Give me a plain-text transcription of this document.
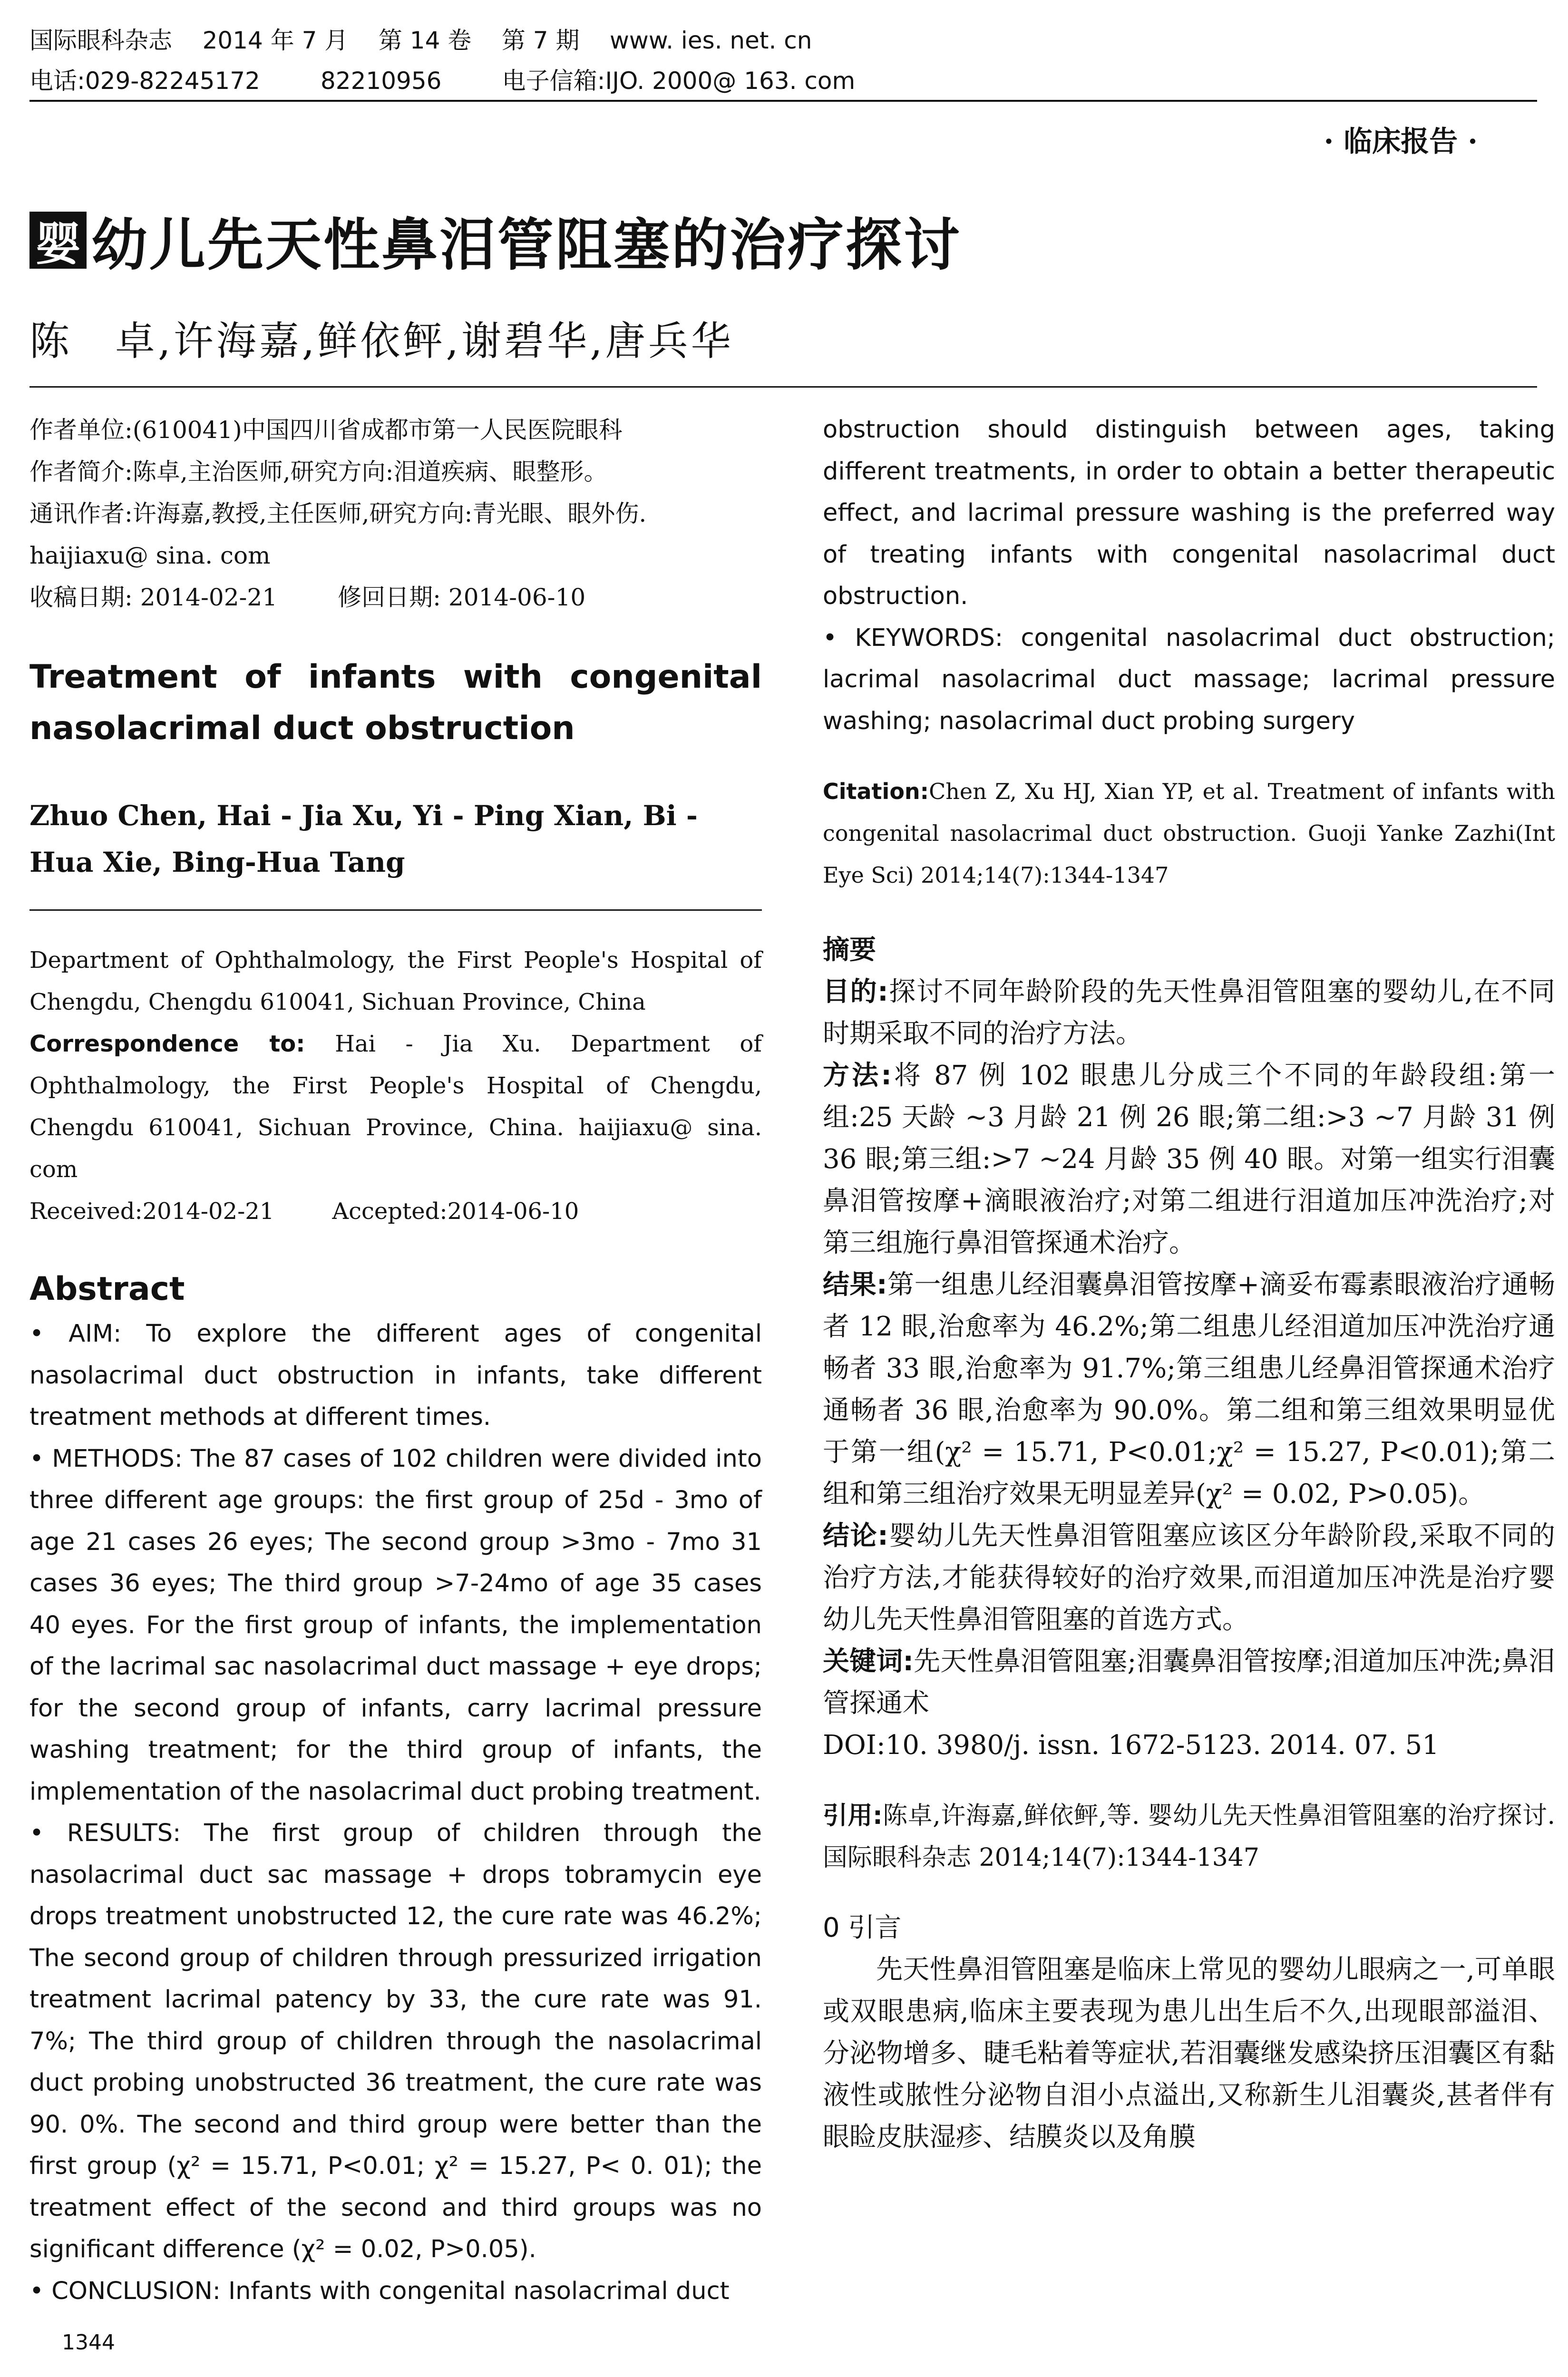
国际眼科杂志    2014 年 7 月    第 14 卷    第 7 期    www. ies. net. cn
电话:029-82245172        82210956        电子信箱:IJO. 2000@ 163. com
· 临床报告 ·
婴 幼儿先天性鼻泪管阻塞的治疗探讨
陈　卓,许海嘉,鲜依鲆,谢碧华,唐兵华

作者单位:(610041)中国四川省成都市第一人民医院眼科

作者简介:陈卓,主治医师,研究方向:泪道疾病、眼整形。

通讯作者:许海嘉,教授,主任医师,研究方向:青光眼、眼外伤.

haijiaxu@ sina. com

收稿日期: 2014-02-21        修回日期: 2014-06-10

Treatment of infants with congenital nasolacrimal duct obstruction
Zhuo Chen, Hai - Jia Xu, Yi - Ping Xian, Bi - Hua Xie, Bing-Hua Tang

Department of Ophthalmology, the First People's Hospital of Chengdu, Chengdu 610041, Sichuan Province, China

Correspondence to: Hai - Jia Xu. Department of Ophthalmology, the First People's Hospital of Chengdu, Chengdu 610041, Sichuan Province, China. haijiaxu@ sina. com

Received:2014-02-21        Accepted:2014-06-10

Abstract

• AIM: To explore the different ages of congenital nasolacrimal duct obstruction in infants, take different treatment methods at different times.

• METHODS: The 87 cases of 102 children were divided into three different age groups: the first group of 25d - 3mo of age 21 cases 26 eyes; The second group >3mo - 7mo 31 cases 36 eyes; The third group >7-24mo of age 35 cases 40 eyes. For the first group of infants, the implementation of the lacrimal sac nasolacrimal duct massage + eye drops; for the second group of infants, carry lacrimal pressure washing treatment; for the third group of infants, the implementation of the nasolacrimal duct probing treatment.

• RESULTS: The first group of children through the nasolacrimal duct sac massage + drops tobramycin eye drops treatment unobstructed 12, the cure rate was 46.2%; The second group of children through pressurized irrigation treatment lacrimal patency by 33, the cure rate was 91. 7%; The third group of children through the nasolacrimal duct probing unobstructed 36 treatment, the cure rate was 90. 0%. The second and third group were better than the first group (χ² = 15.71, P<0.01; χ² = 15.27, P< 0. 01); the treatment effect of the second and third groups was no significant difference (χ² = 0.02, P>0.05).

• CONCLUSION: Infants with congenital nasolacrimal duct

obstruction should distinguish between ages, taking different treatments, in order to obtain a better therapeutic effect, and lacrimal pressure washing is the preferred way of treating infants with congenital nasolacrimal duct obstruction.

• KEYWORDS: congenital nasolacrimal duct obstruction; lacrimal nasolacrimal duct massage; lacrimal pressure washing; nasolacrimal duct probing surgery

Citation:Chen Z, Xu HJ, Xian YP, et al. Treatment of infants with congenital nasolacrimal duct obstruction. Guoji Yanke Zazhi(Int Eye Sci) 2014;14(7):1344-1347

摘要

目的:探讨不同年龄阶段的先天性鼻泪管阻塞的婴幼儿,在不同时期采取不同的治疗方法。

方法:将 87 例 102 眼患儿分成三个不同的年龄段组:第一组:25 天龄 ~3 月龄 21 例 26 眼;第二组:>3 ~7 月龄 31 例 36 眼;第三组:>7 ~24 月龄 35 例 40 眼。对第一组实行泪囊鼻泪管按摩+滴眼液治疗;对第二组进行泪道加压冲洗治疗;对第三组施行鼻泪管探通术治疗。

结果:第一组患儿经泪囊鼻泪管按摩+滴妥布霉素眼液治疗通畅者 12 眼,治愈率为 46.2%;第二组患儿经泪道加压冲洗治疗通畅者 33 眼,治愈率为 91.7%;第三组患儿经鼻泪管探通术治疗通畅者 36 眼,治愈率为 90.0%。第二组和第三组效果明显优于第一组(χ² = 15.71, P<0.01;χ² = 15.27, P<0.01);第二组和第三组治疗效果无明显差异(χ² = 0.02, P>0.05)。

结论:婴幼儿先天性鼻泪管阻塞应该区分年龄阶段,采取不同的治疗方法,才能获得较好的治疗效果,而泪道加压冲洗是治疗婴幼儿先天性鼻泪管阻塞的首选方式。

关键词:先天性鼻泪管阻塞;泪囊鼻泪管按摩;泪道加压冲洗;鼻泪管探通术

DOI:10. 3980/j. issn. 1672-5123. 2014. 07. 51

引用:陈卓,许海嘉,鲜依鲆,等. 婴幼儿先天性鼻泪管阻塞的治疗探讨. 国际眼科杂志 2014;14(7):1344-1347

0 引言

先天性鼻泪管阻塞是临床上常见的婴幼儿眼病之一,可单眼或双眼患病,临床主要表现为患儿出生后不久,出现眼部溢泪、分泌物增多、睫毛粘着等症状,若泪囊继发感染挤压泪囊区有黏液性或脓性分泌物自泪小点溢出,又称新生儿泪囊炎,甚者伴有眼睑皮肤湿疹、结膜炎以及角膜

1344
